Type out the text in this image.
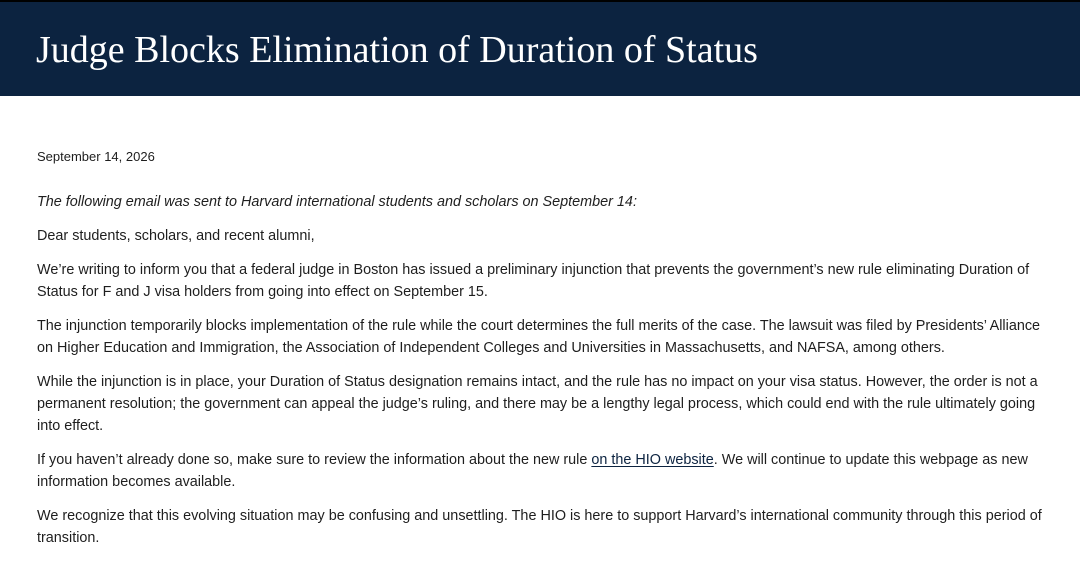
Judge Blocks Elimination of Duration of Status

September 14, 2026

The following email was sent to Harvard international students and scholars on September 14:

Dear students, scholars, and recent alumni,

We’re writing to inform you that a federal judge in Boston has issued a preliminary injunction that prevents the government’s new rule eliminating Duration of Status for F and J visa holders from going into effect on September 15.

The injunction temporarily blocks implementation of the rule while the court determines the full merits of the case. The lawsuit was filed by Presidents’ Alliance on Higher Education and Immigration, the Association of Independent Colleges and Universities in Massachusetts, and NAFSA, among others.

While the injunction is in place, your Duration of Status designation remains intact, and the rule has no impact on your visa status. However, the order is not a permanent resolution; the government can appeal the judge’s ruling, and there may be a lengthy legal process, which could end with the rule ultimately going into effect.

If you haven’t already done so, make sure to review the information about the new rule on the HIO website. We will continue to update this webpage as new information becomes available.

We recognize that this evolving situation may be confusing and unsettling. The HIO is here to support Harvard’s international community through this period of transition.
